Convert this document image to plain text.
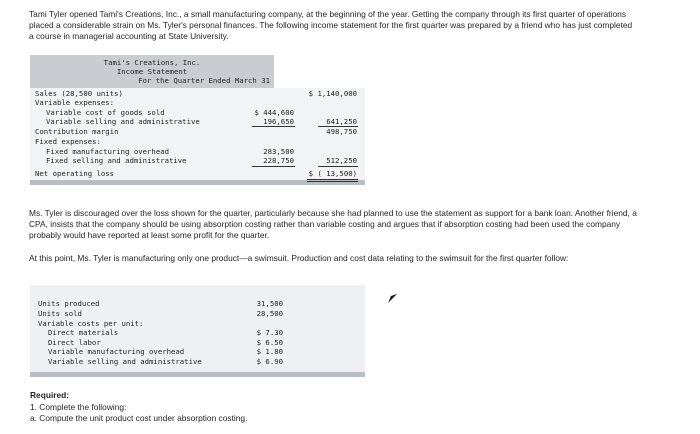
Tami Tyler opened Tami's Creations, Inc., a small manufacturing company, at the beginning of the year. Getting the company through its first quarter of operations placed a considerable strain on Ms. Tyler's personal finances. The following income statement for the first quarter was prepared by a friend who has just completed a course in managerial accounting at State University.
Tami's Creations, Inc.
Income Statement
For the Quarter Ended March 31
Sales (28,500 units)	$ 1,140,000
Variable expenses:
Variable cost of goods sold	$ 444,600
Variable selling and administrative	196,650	641,250
Contribution margin	498,750
Fixed expenses:
Fixed manufacturing overhead	283,500
Fixed selling and administrative	228,750	512,250
Net operating loss	$ ( 13,500)
Ms. Tyler is discouraged over the loss shown for the quarter, particularly because she had planned to use the statement as support for a bank loan. Another friend, a CPA, insists that the company should be using absorption costing rather than variable costing and argues that if absorption costing had been used the company probably would have reported at least some profit for the quarter.
At this point, Ms. Tyler is manufacturing only one product—a swimsuit. Production and cost data relating to the swimsuit for the first quarter follow:
Units produced	31,500
Units sold	28,500
Variable costs per unit:
Direct materials	$ 7.30
Direct labor	$ 6.50
Variable manufacturing overhead	$ 1.80
Variable selling and administrative	$ 6.90
Required:
1. Complete the following:
a. Compute the unit product cost under absorption costing.
